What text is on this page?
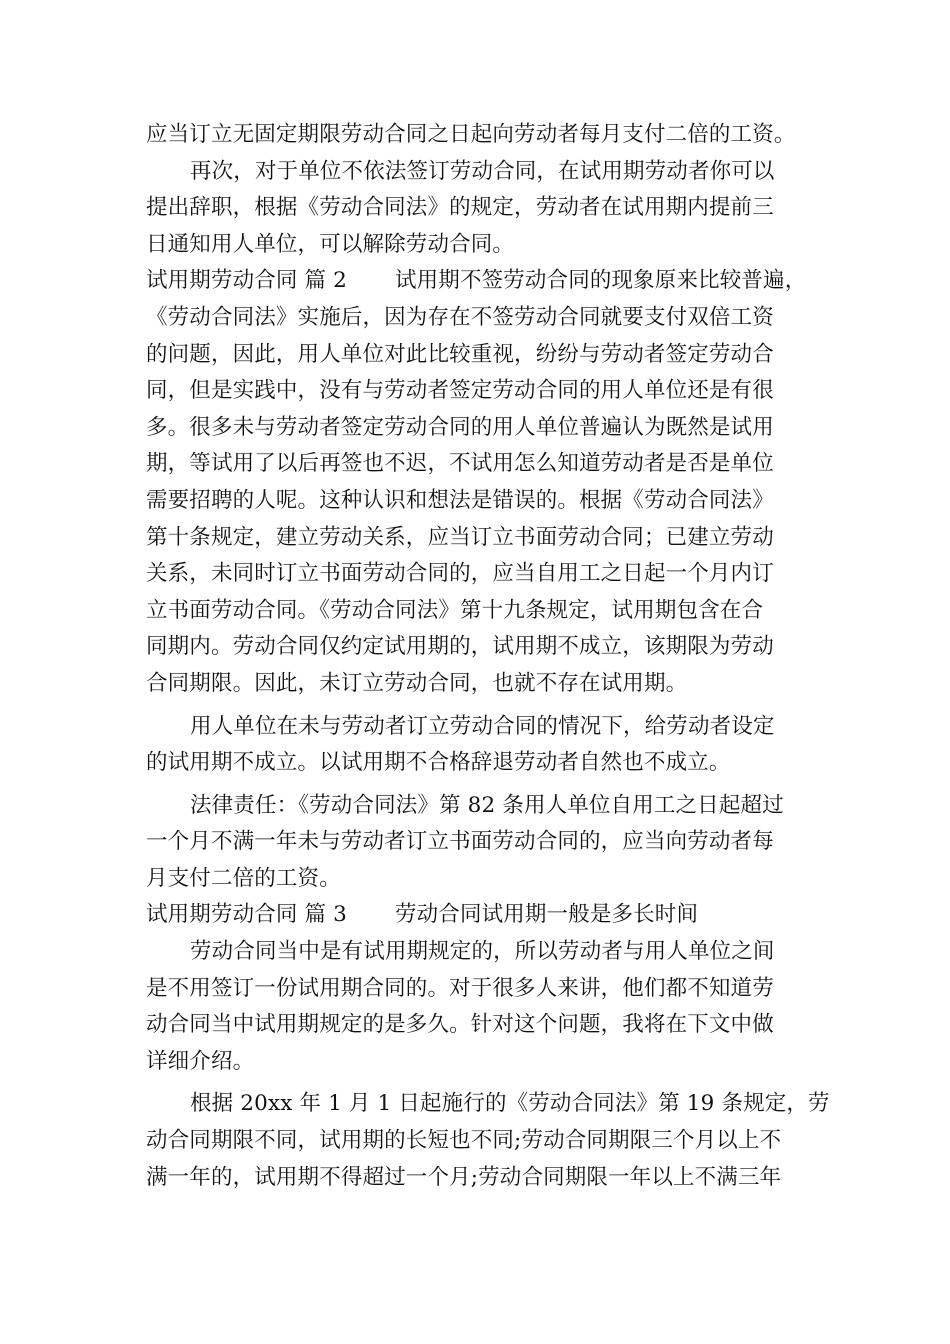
应当订立无固定期限劳动合同之日起向劳动者每月支付二倍的工资。
再次，对于单位不依法签订劳动合同，在试用期劳动者你可以
提出辞职，根据《劳动合同法》的规定，劳动者在试用期内提前三
日通知用人单位，可以解除劳动合同。
试用期劳动合同 篇 2 试用期不签劳动合同的现象原来比较普遍，
《劳动合同法》实施后，因为存在不签劳动合同就要支付双倍工资
的问题，因此，用人单位对此比较重视，纷纷与劳动者签定劳动合
同，但是实践中，没有与劳动者签定劳动合同的用人单位还是有很
多。很多未与劳动者签定劳动合同的用人单位普遍认为既然是试用
期，等试用了以后再签也不迟，不试用怎么知道劳动者是否是单位
需要招聘的人呢。这种认识和想法是错误的。根据《劳动合同法》
第十条规定，建立劳动关系，应当订立书面劳动合同；已建立劳动
关系，未同时订立书面劳动合同的，应当自用工之日起一个月内订
立书面劳动合同。《劳动合同法》第十九条规定，试用期包含在合
同期内。劳动合同仅约定试用期的，试用期不成立，该期限为劳动
合同期限。因此，未订立劳动合同，也就不存在试用期。
用人单位在未与劳动者订立劳动合同的情况下，给劳动者设定
的试用期不成立。以试用期不合格辞退劳动者自然也不成立。
法律责任：《劳动合同法》第 82 条用人单位自用工之日起超过
一个月不满一年未与劳动者订立书面劳动合同的，应当向劳动者每
月支付二倍的工资。
试用期劳动合同 篇 3 劳动合同试用期一般是多长时间
劳动合同当中是有试用期规定的，所以劳动者与用人单位之间
是不用签订一份试用期合同的。对于很多人来讲，他们都不知道劳
动合同当中试用期规定的是多久。针对这个问题，我将在下文中做
详细介绍。
根据 20xx 年 1 月 1 日起施行的《劳动合同法》第 19 条规定，劳
动合同期限不同，试用期的长短也不同;劳动合同期限三个月以上不
满一年的，试用期不得超过一个月;劳动合同期限一年以上不满三年
